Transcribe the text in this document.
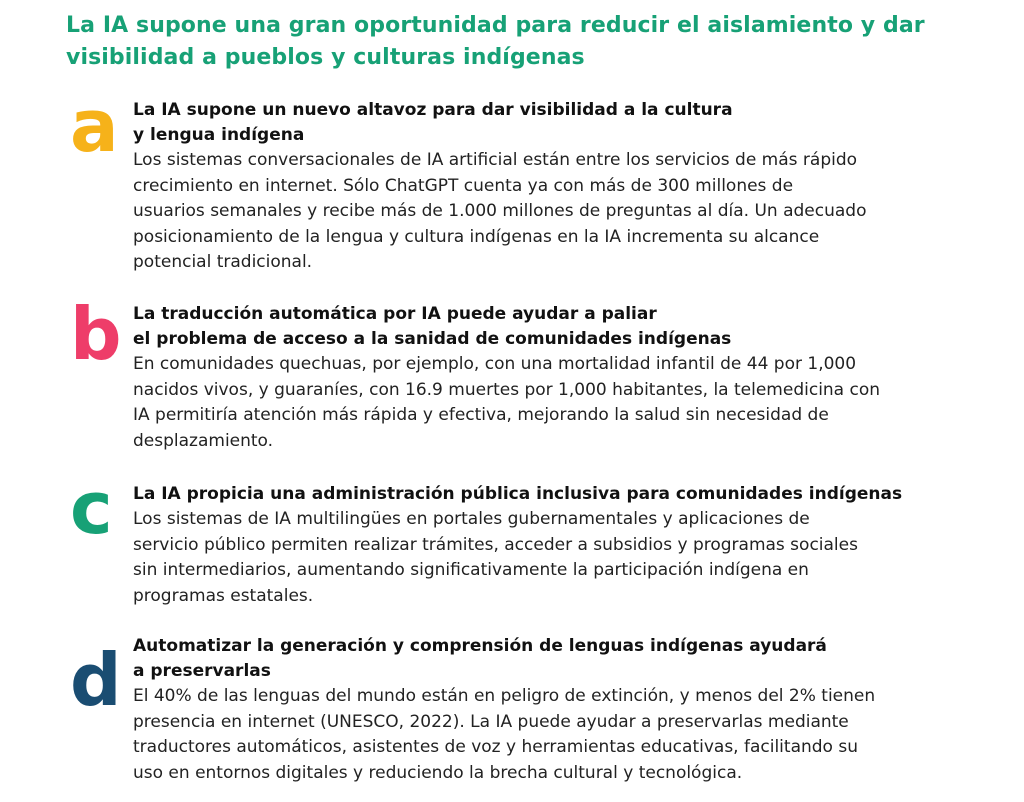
La IA supone una gran oportunidad para reducir el aislamiento y dar
visibilidad a pueblos y culturas indígenas
a La IA supone un nuevo altavoz para dar visibilidad a la cultura
y lengua indígena

Los sistemas conversacionales de IA artificial están entre los servicios de más rápido
crecimiento en internet. Sólo ChatGPT cuenta ya con más de 300 millones de
usuarios semanales y recibe más de 1.000 millones de preguntas al día. Un adecuado
posicionamiento de la lengua y cultura indígenas en la IA incrementa su alcance
potencial tradicional.

b La traducción automática por IA puede ayudar a paliar
el problema de acceso a la sanidad de comunidades indígenas

En comunidades quechuas, por ejemplo, con una mortalidad infantil de 44 por 1,000
nacidos vivos, y guaraníes, con 16.9 muertes por 1,000 habitantes, la telemedicina con
IA permitiría atención más rápida y efectiva, mejorando la salud sin necesidad de
desplazamiento.

c La IA propicia una administración pública inclusiva para comunidades indígenas

Los sistemas de IA multilingües en portales gubernamentales y aplicaciones de
servicio público permiten realizar trámites, acceder a subsidios y programas sociales
sin intermediarios, aumentando significativamente la participación indígena en
programas estatales.

d Automatizar la generación y comprensión de lenguas indígenas ayudará
a preservarlas

El 40% de las lenguas del mundo están en peligro de extinción, y menos del 2% tienen
presencia en internet (UNESCO, 2022). La IA puede ayudar a preservarlas mediante
traductores automáticos, asistentes de voz y herramientas educativas, facilitando su
uso en entornos digitales y reduciendo la brecha cultural y tecnológica.
